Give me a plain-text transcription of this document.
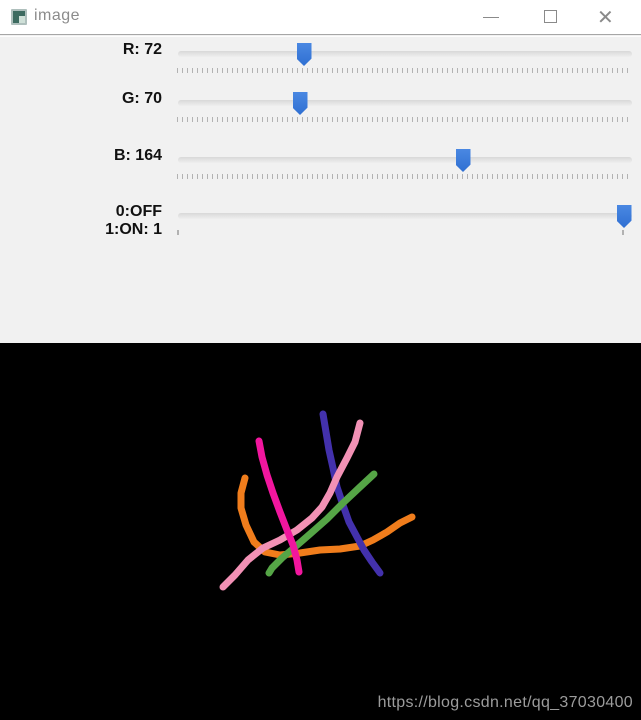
image	✕
R: 72
G: 70
B: 164
0:OFF
1:ON: 1
https://blog.csdn.net/qq_37030400
